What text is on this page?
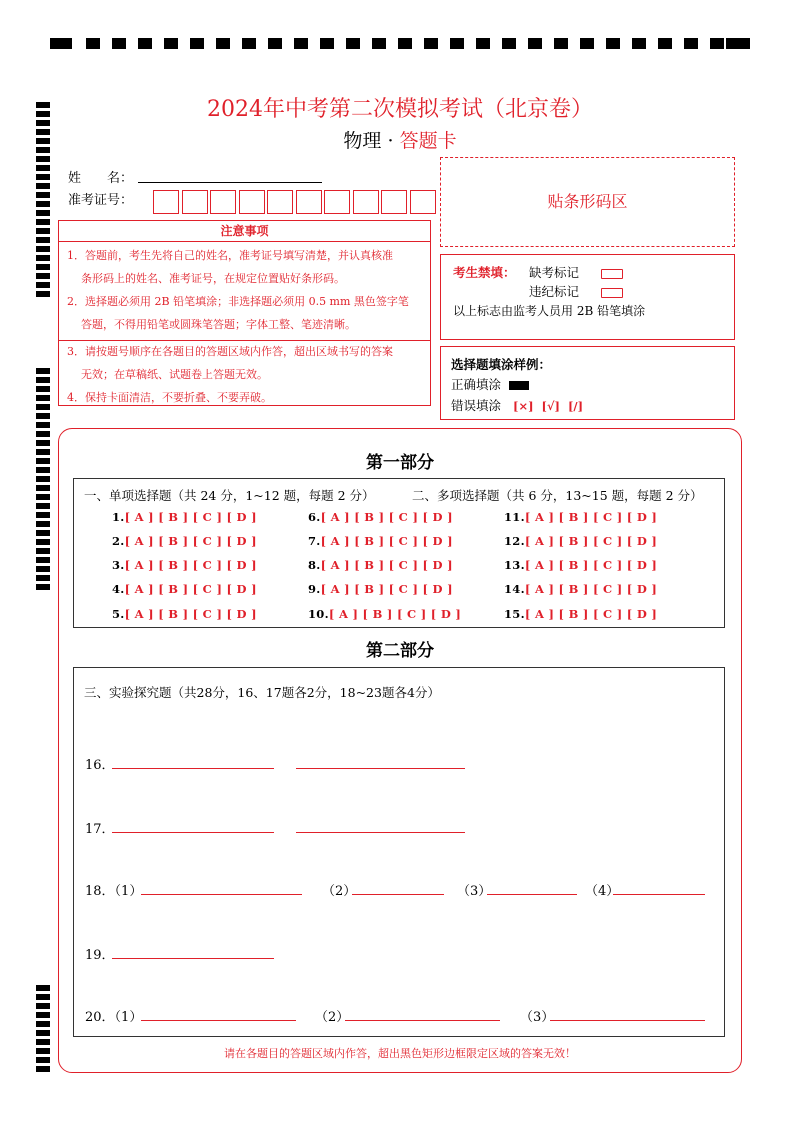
2024年中考第二次模拟考试（北京卷）
物理 · 答题卡
姓　　名：
准考证号：	贴条形码区
注意事项
1．答题前，考生先将自己的姓名，准考证号填写清楚，并认真核准
条形码上的姓名、准考证号，在规定位置贴好条形码。
2．选择题必须用 2B 铅笔填涂；非选择题必须用 0.5 mm 黑色签字笔
答题，不得用铅笔或圆珠笔答题；字体工整、笔迹清晰。
3．请按题号顺序在各题目的答题区域内作答，超出区域书写的答案
无效；在草稿纸、试题卷上答题无效。
4．保持卡面清洁，不要折叠、不要弄破。
考生禁填： 缺考标记
违纪标记
以上标志由监考人员用 2B 铅笔填涂
选择题填涂样例：
正确填涂
错误填涂 [×]  [√]  [/]
第一部分
一、单项选择题（共 24 分，1~12 题，每题 2 分）	二、多项选择题（共 6 分，13~15 题，每题 2 分）
1.[ A ] [ B ] [ C ] [ D ]
2.[ A ] [ B ] [ C ] [ D ]
3.[ A ] [ B ] [ C ] [ D ]
4.[ A ] [ B ] [ C ] [ D ]
5.[ A ] [ B ] [ C ] [ D ]
6.[ A ] [ B ] [ C ] [ D ]
7.[ A ] [ B ] [ C ] [ D ]
8.[ A ] [ B ] [ C ] [ D ]
9.[ A ] [ B ] [ C ] [ D ]
10.[ A ] [ B ] [ C ] [ D ]
11.[ A ] [ B ] [ C ] [ D ]
12.[ A ] [ B ] [ C ] [ D ]
13.[ A ] [ B ] [ C ] [ D ]
14.[ A ] [ B ] [ C ] [ D ]
15.[ A ] [ B ] [ C ] [ D ]
第二部分
三、实验探究题（共28分，16、17题各2分，18~23题各4分）
16．
17．
18．（1）	（2）	（3）	（4）
19．
20．（1）	（2）	（3）
请在各题目的答题区域内作答，超出黑色矩形边框限定区域的答案无效！
